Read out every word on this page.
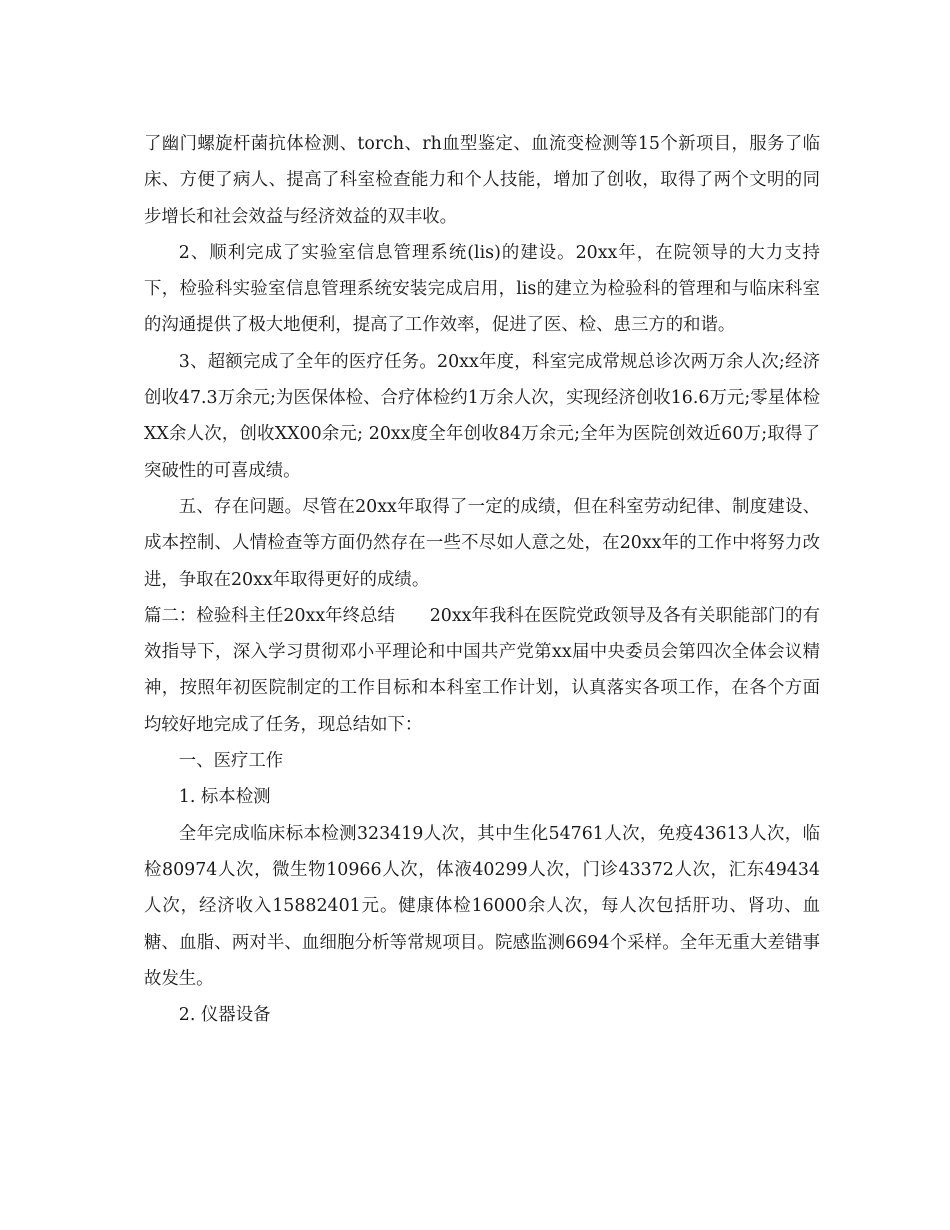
了幽门螺旋杆菌抗体检测、torch、rh血型鉴定、血流变检测等15个新项目，服务了临床、方便了病人、提高了科室检查能力和个人技能，增加了创收，取得了两个文明的同步增长和社会效益与经济效益的双丰收。

2、顺利完成了实验室信息管理系统(lis)的建设。20xx年，在院领导的大力支持下，检验科实验室信息管理系统安装完成启用，lis的建立为检验科的管理和与临床科室的沟通提供了极大地便利，提高了工作效率，促进了医、检、患三方的和谐。

3、超额完成了全年的医疗任务。20xx年度，科室完成常规总诊次两万余人次;经济创收47.3万余元;为医保体检、合疗体检约1万余人次，实现经济创收16.6万元;零星体检XX余人次，创收XX00余元; 20xx度全年创收84万余元;全年为医院创效近60万;取得了突破性的可喜成绩。

五、存在问题。尽管在20xx年取得了一定的成绩，但在科室劳动纪律、制度建设、成本控制、人情检查等方面仍然存在一些不尽如人意之处，在20xx年的工作中将努力改进，争取在20xx年取得更好的成绩。

篇二：检验科主任20xx年终总结　　20xx年我科在医院党政领导及各有关职能部门的有效指导下，深入学习贯彻邓小平理论和中国共产党第xx届中央委员会第四次全体会议精神，按照年初医院制定的工作目标和本科室工作计划，认真落实各项工作，在各个方面均较好地完成了任务，现总结如下：

一、医疗工作

1. 标本检测

全年完成临床标本检测323419人次，其中生化54761人次，免疫43613人次，临检80974人次，微生物10966人次，体液40299人次，门诊43372人次，汇东49434人次，经济收入15882401元。健康体检16000余人次，每人次包括肝功、肾功、血糖、血脂、两对半、血细胞分析等常规项目。院感监测6694个采样。全年无重大差错事故发生。

2. 仪器设备
